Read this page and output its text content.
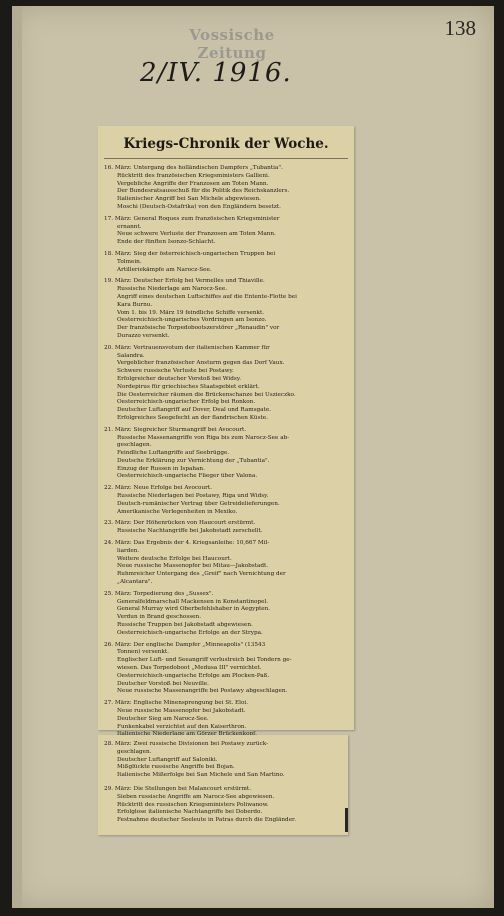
Vossische Zeitung
138
2/IV. 1916.
Kriegs-Chronik der Woche.
16. März: Untergang des holländischen Dampfers „Tubantia".
Rücktritt des französischen Kriegsministers Gallieni.
Vergebliche Angriffe der Franzosen am Toten Mann.
Der Bundesratsausschuß für die Politik des Reichskanzlers.
Italienischer Angriff bei San Michele abgewiesen.
Moschi (Deutsch-Ostafrika) von den Engländern besetzt.
17. März: General Roques zum französischen Kriegsminister
ernannt.
Neue schwere Verluste der Franzosen am Toten Mann.
Ende der fünften Isonzo-Schlacht.
18. März: Sieg der österreichisch-ungarischen Truppen bei
Tolmein.
Artilleriekämpfe am Narocz-See.
19. März: Deutscher Erfolg bei Vermelles und Thiaville.
Russische Niederlage am Narocz-See.
Angriff eines deutschen Luftschiffes auf die Entente-Flotte bei
Kara Burnu.
Vom 1. bis 19. März 19 feindliche Schiffe versenkt.
Oesterreichisch-ungarisches Vordringen am Isonzo.
Der französische Torpedobootszerstörer „Renaudin" vor
Durazzo versenkt.
20. März: Vertrauensvotum der italienischen Kammer für
Salandra.
Vergeblicher französischer Ansturm gegen das Dorf Vaux.
Schwere russische Verluste bei Postawy.
Erfolgreicher deutscher Vorstoß bei Widsy.
Nordepirus für griechisches Staatsgebiet erklärt.
Die Oesterreicher räumen die Brückenschanze bei Uszieczko.
Oesterreichisch-ungarischer Erfolg bei Ronkon.
Deutscher Luftangriff auf Dover, Deal und Ramsgate.
Erfolgreiches Seegefecht an der flandrischen Küste.
21. März: Siegreicher Sturmangriff bei Avocourt.
Russische Massenangriffe von Riga bis zum Narocz-See ab-
geschlagen.
Feindliche Luftangriffe auf Seebrügge.
Deutsche Erklärung zur Vernichtung der „Tubantia".
Einzug der Russen in Ispahan.
Oesterreichisch-ungarische Flieger über Valona.
22. März: Neue Erfolge bei Avocourt.
Russische Niederlagen bei Postawy, Riga und Widsy.
Deutsch-rumänischer Vertrag über Getreidelieferungen.
Amerikanische Verlegenheiten in Mexiko.
23. März: Der Höhenrücken von Haucourt erstürmt.
Russische Nachtangriffe bei Jakobstadt zerschellt.
24. März: Das Ergebnis der 4. Kriegsanleihe: 10,667 Mil-
liarden.
Weitere deutsche Erfolge bei Haucourt.
Neue russische Massenopfer bei Mitau—Jakobstadt.
Ruhmreicher Untergang des „Greif" nach Vernichtung der
„Alcantara".
25. März: Torpedierung des „Sussex".
Generalfeldmarschall Mackensen in Konstantinopel.
General Murray wird Oberbefehlshaber in Aegypten.
Verdun in Brand geschossen.
Russische Truppen bei Jakobstadt abgewiesen.
Oesterreichisch-ungarische Erfolge an der Strypa.
26. März: Der englische Dampfer „Minneapolis" (13543
Tonnen) versenkt.
Englischer Luft- und Seeangriff verlustreich bei Tondern ge-
wiesen. Das Torpedoboot „Medusa III" vernichtet.
Oesterreichisch-ungarische Erfolge am Plocken-Paß.
Deutscher Vorstoß bei Neuville.
Neue russische Massenangriffe bei Postawy abgeschlagen.
27. März: Englische Minensprengung bei St. Eloi.
Neue russische Massenopfer bei Jakobstadt.
Deutscher Sieg am Narocz-See.
Funkenkabel verzichtet auf den Kaiserthron.
28. März: Zwei russische Divisionen bei Postawy zurück-
geschlagen.
Deutscher Luftangriff auf Saloniki.
Mißglückte russische Angriffe bei Bojan.
Italienische Mißerfolge bei San Michele und San Martino.
29. März: Die Stellungen bei Malancourt erstürmt.
Sieben russische Angriffe am Narocz-See abgewiesen.
Rücktritt des russischen Kriegsministers Poliwanow.
Erfolglose italienische Nachtangriffe bei Doberdo.
Festnahme deutscher Seeleute in Patras durch die Engländer.
